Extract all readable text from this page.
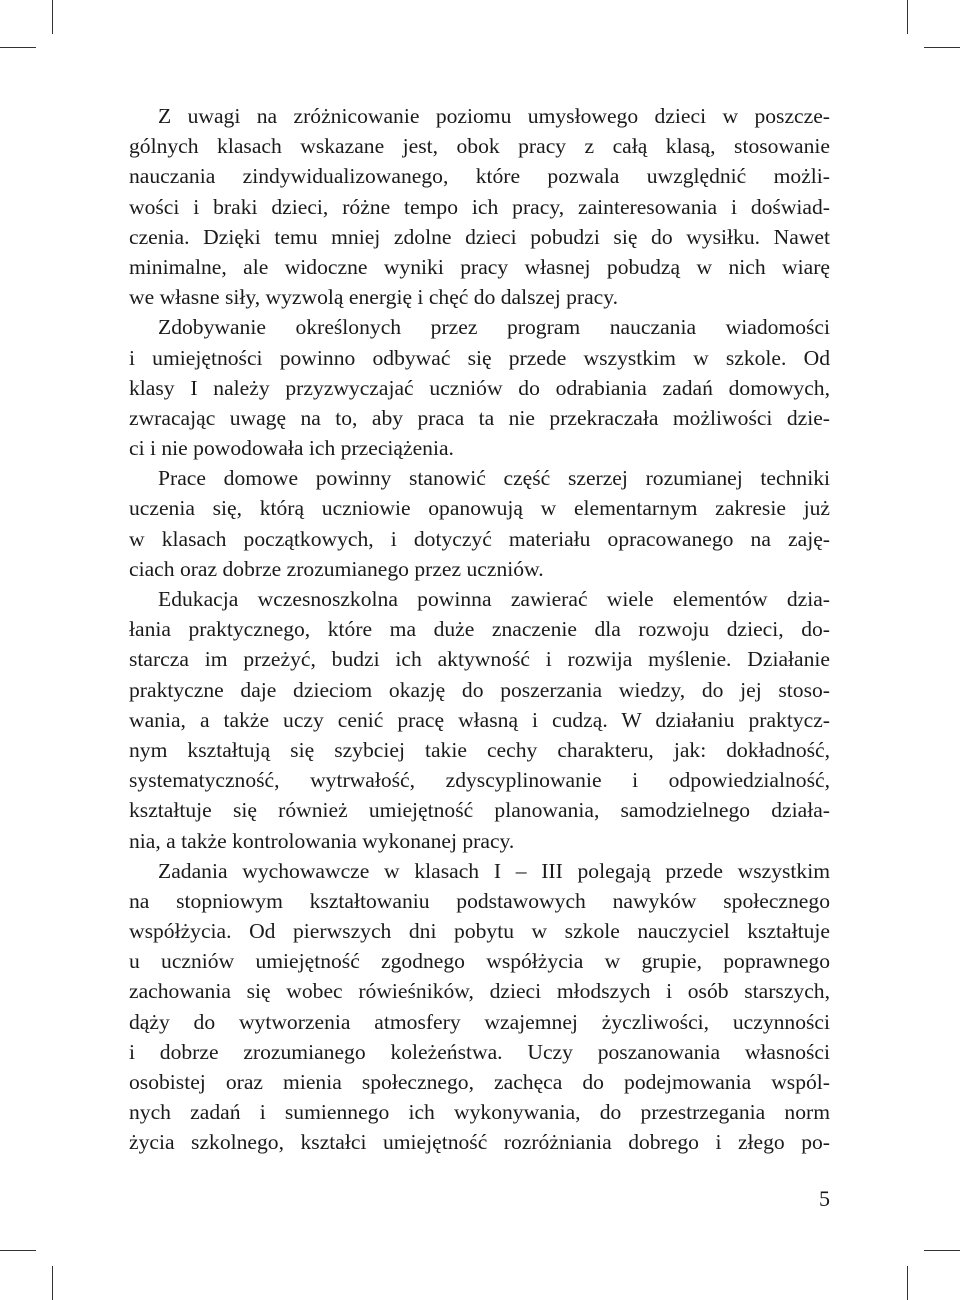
Z uwagi na zróżnicowanie poziomu umysłowego dzieci w poszcze-
gólnych klasach wskazane jest, obok pracy z całą klasą, stosowanie
nauczania zindywidualizowanego, które pozwala uwzględnić możli-
wości i braki dzieci, różne tempo ich pracy, zainteresowania i doświad-
czenia. Dzięki temu mniej zdolne dzieci pobudzi się do wysiłku. Nawet
minimalne, ale widoczne wyniki pracy własnej pobudzą w nich wiarę
we własne siły, wyzwolą energię i chęć do dalszej pracy.
Zdobywanie określonych przez program nauczania wiadomości
i umiejętności powinno odbywać się przede wszystkim w szkole. Od
klasy I należy przyzwyczajać uczniów do odrabiania zadań domowych,
zwracając uwagę na to, aby praca ta nie przekraczała możliwości dzie-
ci i nie powodowała ich przeciążenia.
Prace domowe powinny stanowić część szerzej rozumianej techniki
uczenia się, którą uczniowie opanowują w elementarnym zakresie już
w klasach początkowych, i dotyczyć materiału opracowanego na zaję-
ciach oraz dobrze zrozumianego przez uczniów.
Edukacja wczesnoszkolna powinna zawierać wiele elementów dzia-
łania praktycznego, które ma duże znaczenie dla rozwoju dzieci, do-
starcza im przeżyć, budzi ich aktywność i rozwija myślenie. Działanie
praktyczne daje dzieciom okazję do poszerzania wiedzy, do jej stoso-
wania, a także uczy cenić pracę własną i cudzą. W działaniu praktycz-
nym kształtują się szybciej takie cechy charakteru, jak: dokładność,
systematyczność, wytrwałość, zdyscyplinowanie i odpowiedzialność,
kształtuje się również umiejętność planowania, samodzielnego działa-
nia, a także kontrolowania wykonanej pracy.
Zadania wychowawcze w klasach I – III polegają przede wszystkim
na stopniowym kształtowaniu podstawowych nawyków społecznego
współżycia. Od pierwszych dni pobytu w szkole nauczyciel kształtuje
u uczniów umiejętność zgodnego współżycia w grupie, poprawnego
zachowania się wobec rówieśników, dzieci młodszych i osób starszych,
dąży do wytworzenia atmosfery wzajemnej życzliwości, uczynności
i dobrze zrozumianego koleżeństwa. Uczy poszanowania własności
osobistej oraz mienia społecznego, zachęca do podejmowania wspól-
nych zadań i sumiennego ich wykonywania, do przestrzegania norm
życia szkolnego, kształci umiejętność rozróżniania dobrego i złego po-
5
